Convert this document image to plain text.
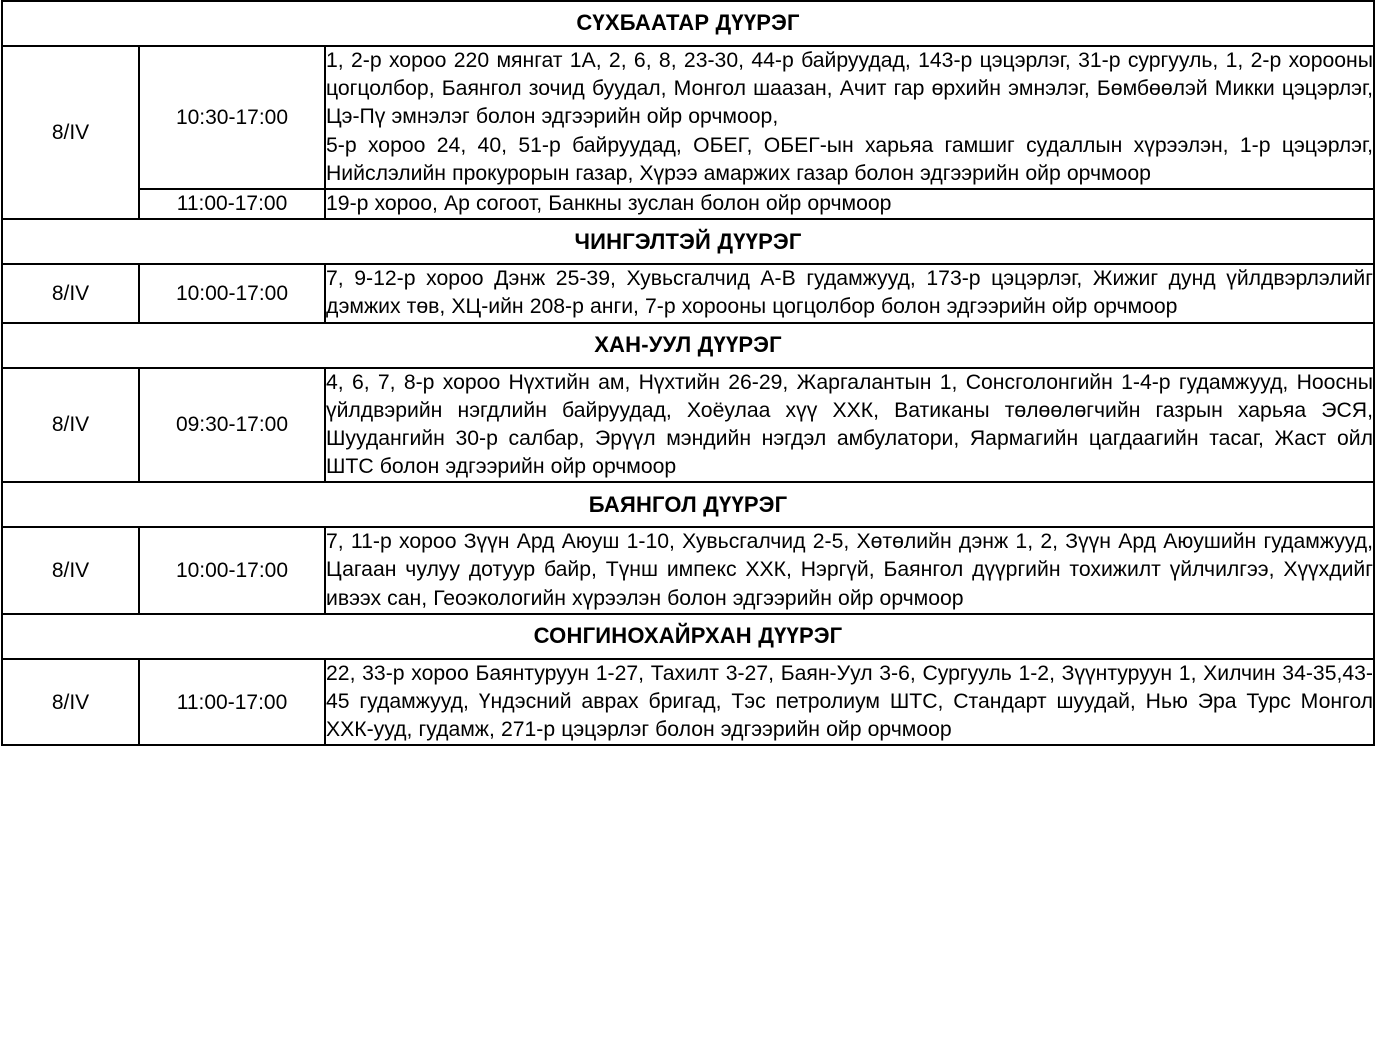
СҮХБААТАР ДҮҮРЭГ		
8/IV	10:30-17:00	1, 2-р хороо 220 мянгат 1А, 2, 6, 8, 23-30, 44-р байруудад, 143-р цэцэрлэг, 31-р сургууль, 1, 2-р хорооны цогцолбор, Баянгол зочид буудал, Монгол шаазан, Ачит гар өрхийн эмнэлэг, Бөмбөөлэй Микки цэцэрлэг, Цэ-Пү эмнэлэг болон эдгээрийн ойр орчмоор,

5-р хороо 24, 40, 51-р байруудад, ОБЕГ, ОБЕГ-ын харьяа гамшиг судаллын хүрээлэн, 1-р цэцэрлэг, Нийслэлийн прокурорын газар, Хүрээ амаржих газар болон эдгээрийн ойр орчмоор

	11:00-17:00	19-р хороо, Ар согоот, Банкны зуслан болон ойр орчмоор

ЧИНГЭЛТЭЙ ДҮҮРЭГ		
8/IV	10:00-17:00	7, 9-12-р хороо Дэнж 25-39, Хувьсгалчид А-В гудамжууд, 173-р цэцэрлэг, Жижиг дунд үйлдвэрлэлийг дэмжих төв, ХЦ-ийн 208-р анги, 7-р хорооны цогцолбор болон эдгээрийн ойр орчмоор

ХАН-УУЛ ДҮҮРЭГ		
8/IV	09:30-17:00	4, 6, 7, 8-р хороо Нүхтийн ам, Нүхтийн 26-29, Жаргалантын 1, Сонсголонгийн 1-4-р гудамжууд, Ноосны үйлдвэрийн нэгдлийн байруудад, Хоёулаа хүү ХХК, Ватиканы төлөөлөгчийн газрын харьяа ЭСЯ, Шуудангийн 30-р салбар, Эрүүл мэндийн нэгдэл амбулатори, Яармагийн цагдаагийн тасаг, Жаст ойл ШТС болон эдгээрийн ойр орчмоор

БАЯНГОЛ ДҮҮРЭГ		
8/IV	10:00-17:00	7, 11-р хороо Зүүн Ард Аюуш 1-10, Хувьсгалчид 2-5, Хөтөлийн дэнж 1, 2, Зүүн Ард Аюушийн гудамжууд, Цагаан чулуу дотуур байр, Түнш импекс ХХК, Нэргүй, Баянгол дүүргийн тохижилт үйлчилгээ, Хүүхдийг ивээх сан, Геоэкологийн хүрээлэн болон эдгээрийн ойр орчмоор

СОНГИНОХАЙРХАН ДҮҮРЭГ		
8/IV	11:00-17:00	22, 33-р хороо Баянтуруун 1-27, Тахилт 3-27, Баян-Уул 3-6, Сургууль 1-2, Зүүнтуруун 1, Хилчин 34-35,43-45 гудамжууд, Үндэсний аврах бригад, Тэс петролиум ШТС, Стандарт шуудай, Нью Эра Турс Монгол ХХК-ууд, гудамж, 271-р цэцэрлэг болон эдгээрийн ойр орчмоор
